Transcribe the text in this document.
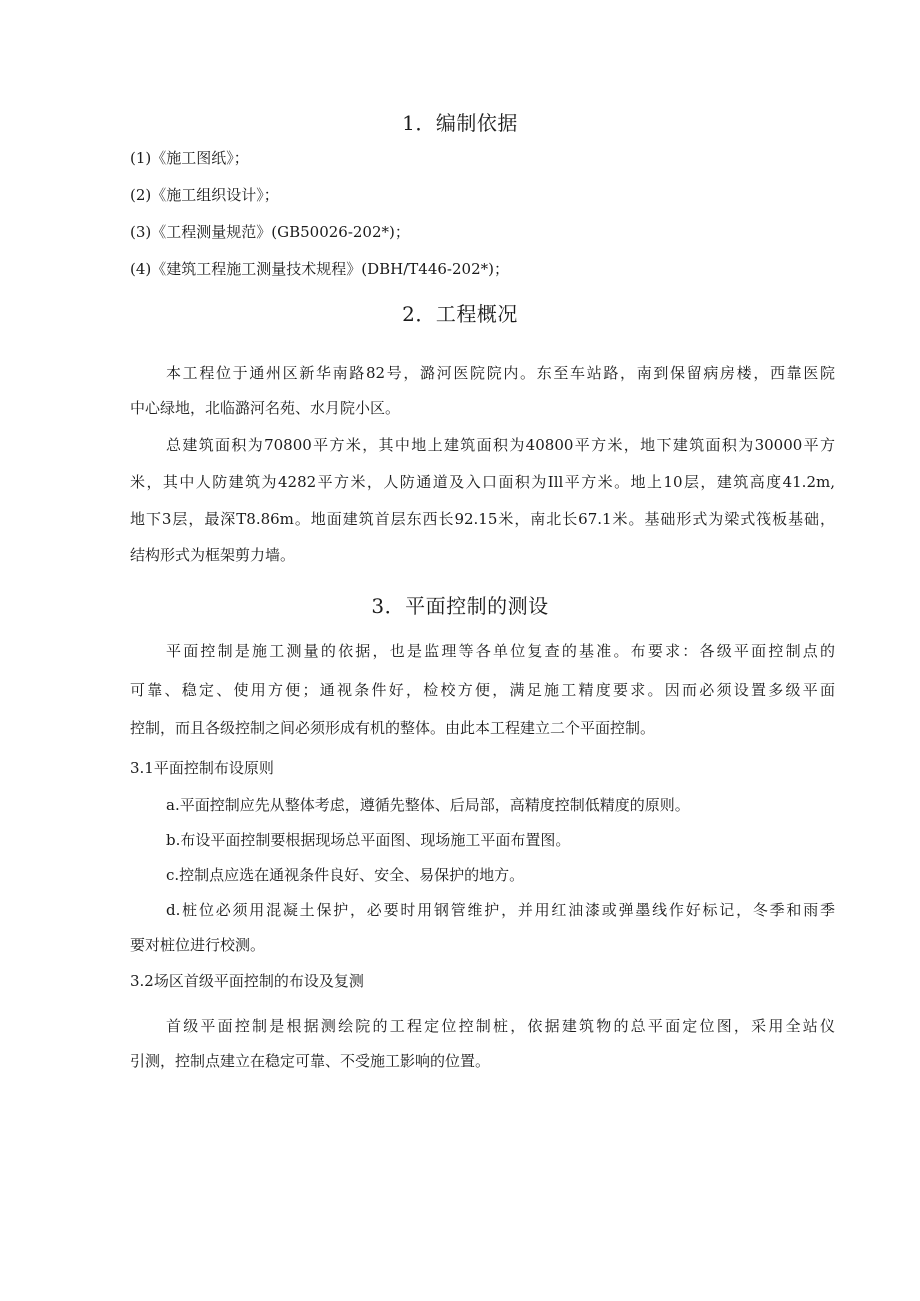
1．编制依据
(1)《施工图纸》；
(2)《施工组织设计》；
(3)《工程测量规范》(GB50026-202*)；
(4)《建筑工程施工测量技术规程》(DBH/T446-202*)；
2．工程概况
本工程位于通州区新华南路82号，潞河医院院内。东至车站路，南到保留病房楼，西靠医院
中心绿地，北临潞河名苑、水月院小区。
总建筑面积为70800平方米，其中地上建筑面积为40800平方米，地下建筑面积为30000平方
米，其中人防建筑为4282平方米，人防通道及入口面积为Ill平方米。地上10层，建筑高度41.2m,
地下3层，最深T8.86m。地面建筑首层东西长92.15米，南北长67.1米。基础形式为梁式筏板基础，
结构形式为框架剪力墙。
3．平面控制的测设
平面控制是施工测量的依据，也是监理等各单位复查的基准。布要求：各级平面控制点的
可靠、稳定、使用方便；通视条件好，检校方便，满足施工精度要求。因而必须设置多级平面
控制，而且各级控制之间必须形成有机的整体。由此本工程建立二个平面控制。
3.1平面控制布设原则
a.平面控制应先从整体考虑，遵循先整体、后局部，高精度控制低精度的原则。
b.布设平面控制要根据现场总平面图、现场施工平面布置图。
c.控制点应选在通视条件良好、安全、易保护的地方。
d.桩位必须用混凝土保护，必要时用钢管维护，并用红油漆或弹墨线作好标记，冬季和雨季
要对桩位进行校测。
3.2场区首级平面控制的布设及复测
首级平面控制是根据测绘院的工程定位控制桩，依据建筑物的总平面定位图，采用全站仪
引测，控制点建立在稳定可靠、不受施工影响的位置。
